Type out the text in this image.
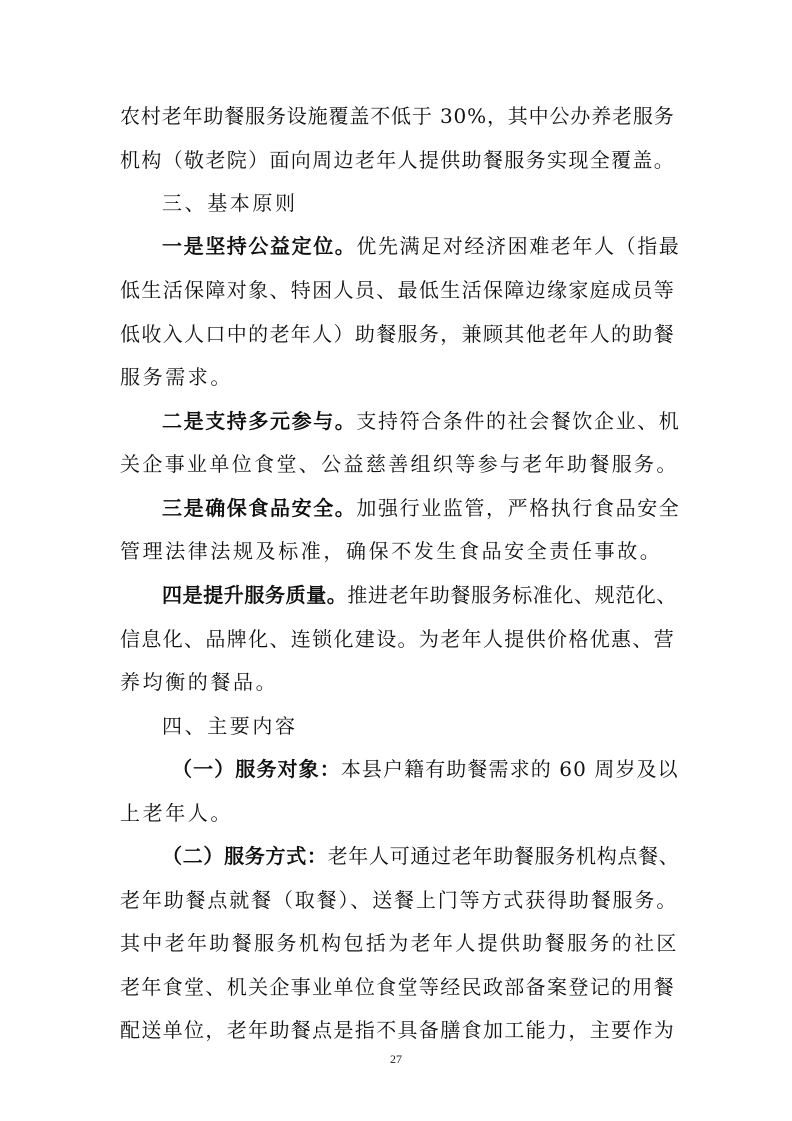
农村老年助餐服务设施覆盖不低于 30%，其中公办养老服务
机构（敬老院）面向周边老年人提供助餐服务实现全覆盖。
三、基本原则
一是坚持公益定位。优先满足对经济困难老年人（指最
低生活保障对象、特困人员、最低生活保障边缘家庭成员等
低收入人口中的老年人）助餐服务，兼顾其他老年人的助餐
服务需求。
二是支持多元参与。支持符合条件的社会餐饮企业、机
关企事业单位食堂、公益慈善组织等参与老年助餐服务。
三是确保食品安全。加强行业监管，严格执行食品安全
管理法律法规及标准，确保不发生食品安全责任事故。
四是提升服务质量。推进老年助餐服务标准化、规范化、
信息化、品牌化、连锁化建设。为老年人提供价格优惠、营
养均衡的餐品。
四、主要内容
（一）服务对象：本县户籍有助餐需求的 60 周岁及以
上老年人。
（二）服务方式：老年人可通过老年助餐服务机构点餐、
老年助餐点就餐（取餐）、送餐上门等方式获得助餐服务。
其中老年助餐服务机构包括为老年人提供助餐服务的社区
老年食堂、机关企事业单位食堂等经民政部备案登记的用餐
配送单位，老年助餐点是指不具备膳食加工能力，主要作为
27
